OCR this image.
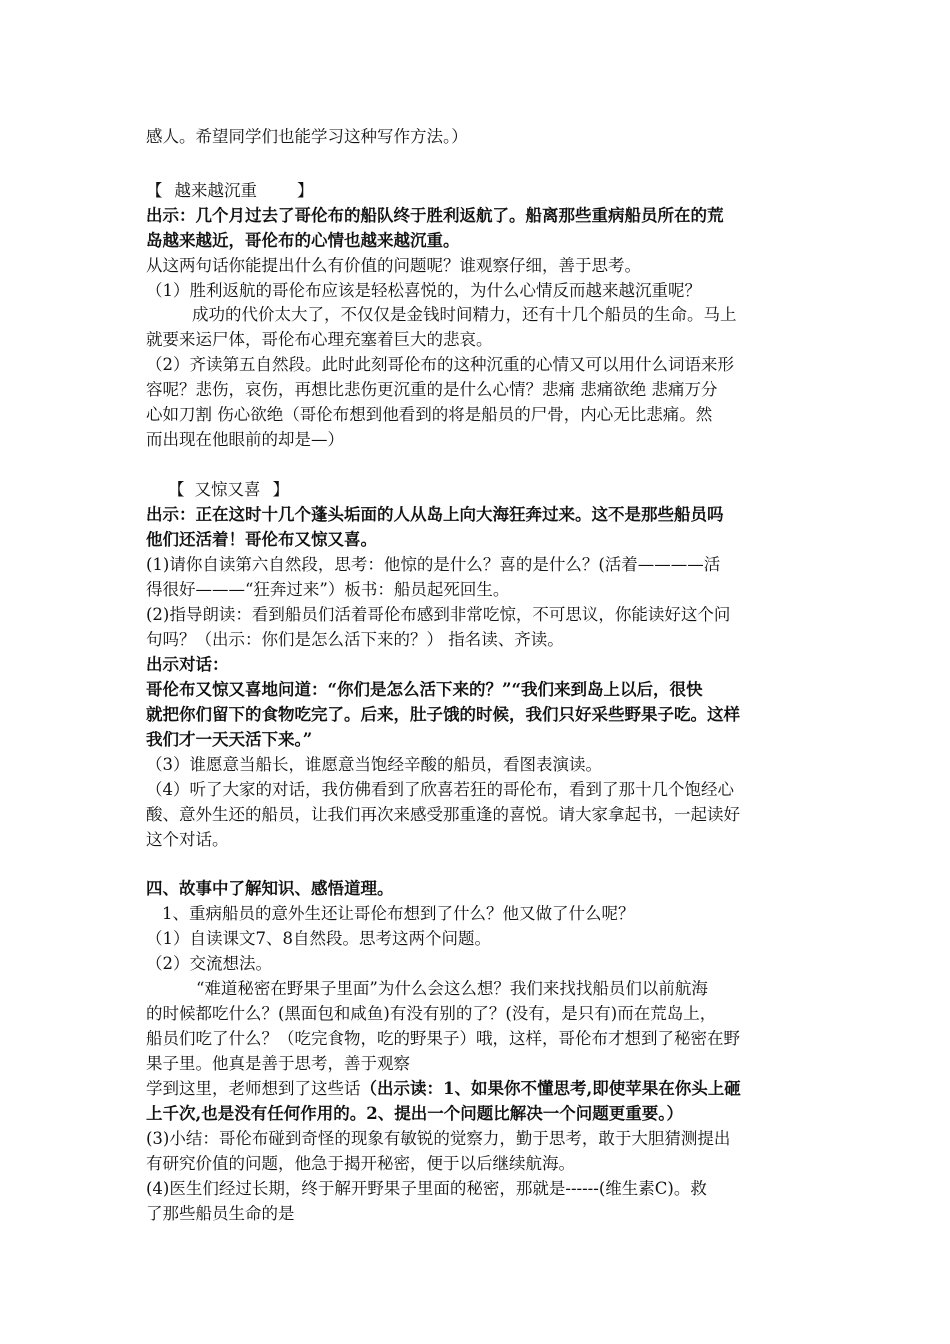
感人。希望同学们也能学习这种写作方法。）
【 越来越沉重 】
出示：几个月过去了哥伦布的船队终于胜利返航了。船离那些重病船员所在的荒
岛越来越近，哥伦布的心情也越来越沉重。
从这两句话你能提出什么有价值的问题呢？谁观察仔细，善于思考。
（1）胜利返航的哥伦布应该是轻松喜悦的，为什么心情反而越来越沉重呢？
成功的代价太大了，不仅仅是金钱时间精力，还有十几个船员的生命。马上
就要来运尸体，哥伦布心理充塞着巨大的悲哀。
（2）齐读第五自然段。此时此刻哥伦布的这种沉重的心情又可以用什么词语来形
容呢？悲伤，哀伤，再想比悲伤更沉重的是什么心情？悲痛 悲痛欲绝 悲痛万分
心如刀割 伤心欲绝（哥伦布想到他看到的将是船员的尸骨，内心无比悲痛。然
而出现在他眼前的却是—）
【 又惊又喜 】
出示：正在这时十几个蓬头垢面的人从岛上向大海狂奔过来。这不是那些船员吗
他们还活着！哥伦布又惊又喜。
(1)请你自读第六自然段，思考：他惊的是什么？喜的是什么？(活着————活
得很好———“狂奔过来”）板书：船员起死回生。
(2)指导朗读：看到船员们活着哥伦布感到非常吃惊，不可思议，你能读好这个问
句吗？（出示：你们是怎么活下来的？） 指名读、齐读。
出示对话：
哥伦布又惊又喜地问道：“你们是怎么活下来的？”“我们来到岛上以后，很快
就把你们留下的食物吃完了。后来，肚子饿的时候，我们只好采些野果子吃。这样
我们才一天天活下来。”
（3）谁愿意当船长，谁愿意当饱经辛酸的船员，看图表演读。
（4）听了大家的对话，我仿佛看到了欣喜若狂的哥伦布，看到了那十几个饱经心
酸、意外生还的船员，让我们再次来感受那重逢的喜悦。请大家拿起书，一起读好
这个对话。
四、故事中了解知识、感悟道理。
1、重病船员的意外生还让哥伦布想到了什么？他又做了什么呢？
（1）自读课文7、8自然段。思考这两个问题。
（2）交流想法。
“难道秘密在野果子里面”为什么会这么想？我们来找找船员们以前航海
的时候都吃什么？(黑面包和咸鱼)有没有别的了？(没有，是只有)而在荒岛上，
船员们吃了什么？（吃完食物，吃的野果子）哦，这样，哥伦布才想到了秘密在野
果子里。他真是善于思考，善于观察
学到这里，老师想到了这些话（出示读：1、如果你不懂思考,即使苹果在你头上砸
上千次,也是没有任何作用的。2、提出一个问题比解决一个问题更重要。）
(3)小结：哥伦布碰到奇怪的现象有敏锐的觉察力，勤于思考，敢于大胆猜测提出
有研究价值的问题，他急于揭开秘密，便于以后继续航海。
(4)医生们经过长期，终于解开野果子里面的秘密，那就是------(维生素C)。救
了那些船员生命的是
